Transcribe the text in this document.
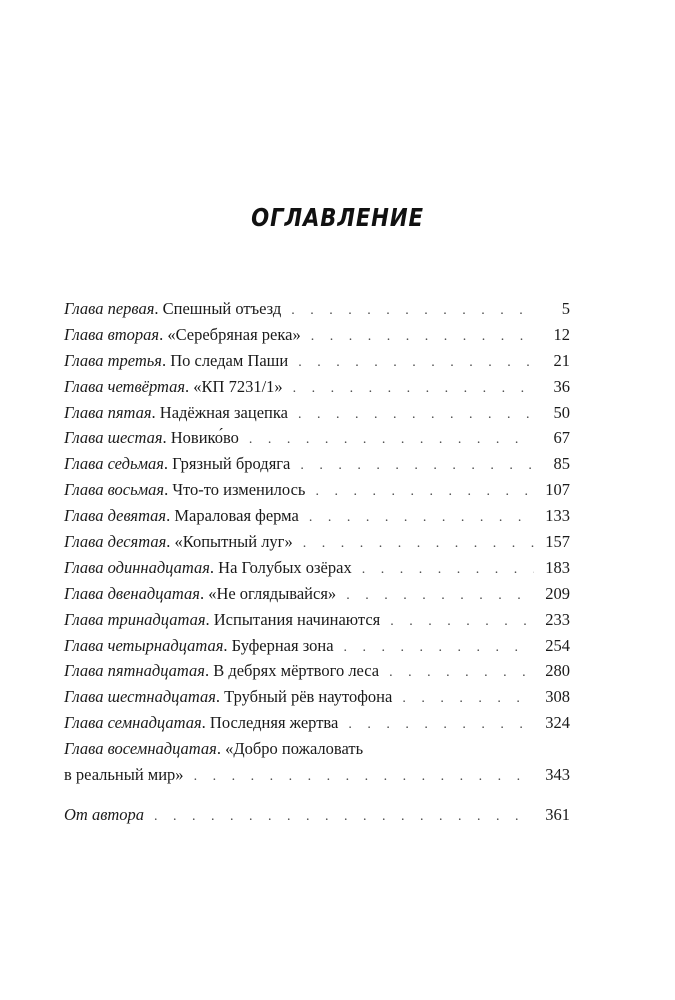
ОГЛАВЛЕНИЕ
Глава первая . Спешный отъезд . . .	5
Глава вторая . «Серебряная река» . . .	12
Глава третья . По следам Паши . . .	21
Глава четвёртая . «КП 7231/1» . . .	36
Глава пятая . Надёжная зацепка . . .	50
Глава шестая . Новико́во . . .	67
Глава седьмая . Грязный бродяга . . .	85
Глава восьмая . Что-то изменилось . . .	107
Глава девятая . Мараловая ферма . . .	133
Глава десятая . «Копытный луг» . . .	157
Глава одиннадцатая . На Голубых озёрах . . .	183
Глава двенадцатая . «Не оглядывайся» . . .	209
Глава тринадцатая . Испытания начинаются . . .	233
Глава четырнадцатая . Буферная зона . . .	254
Глава пятнадцатая . В дебрях мёртвого леса . . .	280
Глава шестнадцатая . Трубный рёв наутофона . . .	308
Глава семнадцатая . Последняя жертва . . .	324
Глава восемнадцатая. «Добро пожаловать
в реальный мир» . . .	343
От автора . . .	361
